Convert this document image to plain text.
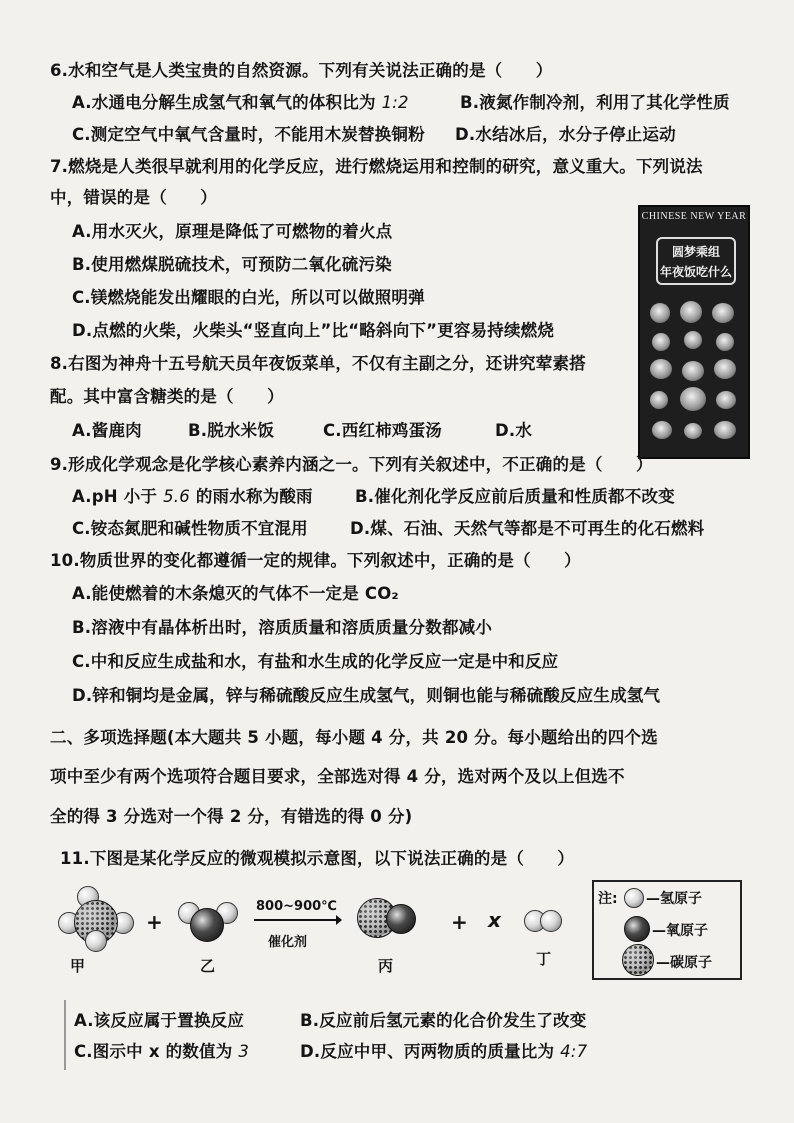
6.水和空气是人类宝贵的自然资源。下列有关说法正确的是（　　）
A.水通电分解生成氢气和氧气的体积比为 1:2	B.液氮作制冷剂，利用了其化学性质
C.测定空气中氧气含量时，不能用木炭替换铜粉 D.水结冰后，水分子停止运动
7.燃烧是人类很早就利用的化学反应，进行燃烧运用和控制的研究，意义重大。下列说法
中，错误的是（　　）
A.用水灭火，原理是降低了可燃物的着火点
B.使用燃煤脱硫技术，可预防二氧化硫污染
C.镁燃烧能发出耀眼的白光，所以可以做照明弹
D.点燃的火柴，火柴头“竖直向上”比“略斜向下”更容易持续燃烧
CHINESE NEW YEAR
圆梦乘组
年夜饭吃什么
8.右图为神舟十五号航天员年夜饭菜单，不仅有主副之分，还讲究荤素搭
配。其中富含糖类的是（　　）
A.酱鹿肉	B.脱水米饭	C.西红柿鸡蛋汤	D.水
9.形成化学观念是化学核心素养内涵之一。下列有关叙述中，不正确的是（　　）
A.pH 小于 5.6 的雨水称为酸雨	B.催化剂化学反应前后质量和性质都不改变
C.铵态氮肥和碱性物质不宜混用	D.煤、石油、天然气等都是不可再生的化石燃料
10.物质世界的变化都遵循一定的规律。下列叙述中，正确的是（　　）
A.能使燃着的木条熄灭的气体不一定是 CO₂
B.溶液中有晶体析出时，溶质质量和溶质质量分数都减小
C.中和反应生成盐和水，有盐和水生成的化学反应一定是中和反应
D.锌和铜均是金属，锌与稀硫酸反应生成氢气，则铜也能与稀硫酸反应生成氢气
二、多项选择题(本大题共 5 小题，每小题 4 分，共 20 分。每小题给出的四个选
项中至少有两个选项符合题目要求，全部选对得 4 分，选对两个及以上但选不
全的得 3 分选对一个得 2 分，有错选的得 0 分)
11.下图是某化学反应的微观模拟示意图，以下说法正确的是（　　）
甲
+
乙
800~900℃
催化剂
丙
+ x
丁
注: —氢原子
—氧原子
—碳原子
A.该反应属于置换反应	B.反应前后氢元素的化合价发生了改变
C.图示中 x 的数值为 3	D.反应中甲、丙两物质的质量比为 4:7
